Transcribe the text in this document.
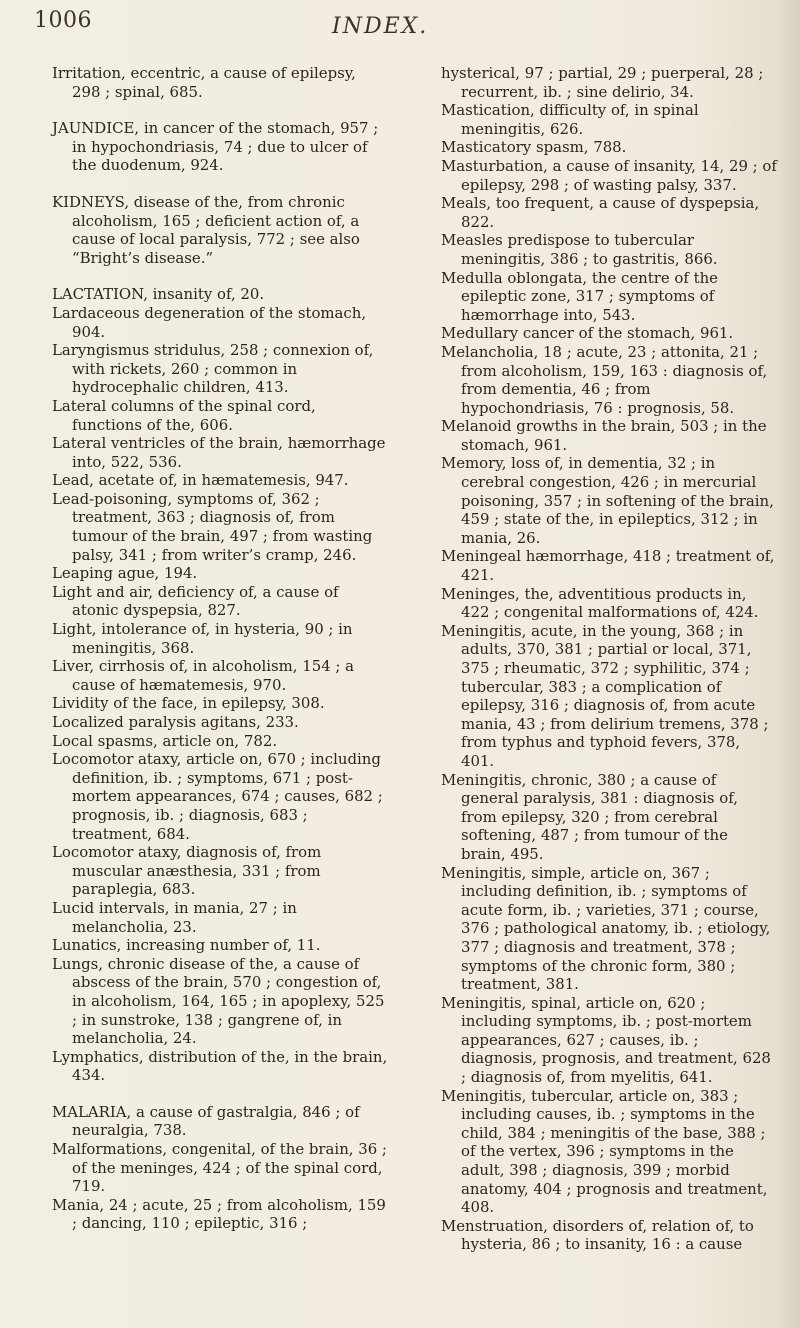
1006	INDEX.

Irritation, eccentric, a cause of epilepsy, 298 ; spinal, 685.

JAUNDICE, in cancer of the stomach, 957 ; in hypochondriasis, 74 ; due to ulcer of the duodenum, 924.

KIDNEYS, disease of the, from chronic alcoholism, 165 ; deficient action of, a cause of local paralysis, 772 ; see also “Bright’s disease.”

LACTATION, insanity of, 20.

Lardaceous degeneration of the stomach, 904.

Laryngismus stridulus, 258 ; connexion of, with rickets, 260 ; common in hydrocephalic children, 413.

Lateral columns of the spinal cord, functions of the, 606.

Lateral ventricles of the brain, hæmorrhage into, 522, 536.

Lead, acetate of, in hæmatemesis, 947.

Lead-poisoning, symptoms of, 362 ; treatment, 363 ; diagnosis of, from tumour of the brain, 497 ; from wasting palsy, 341 ; from writer’s cramp, 246.

Leaping ague, 194.

Light and air, deficiency of, a cause of atonic dyspepsia, 827.

Light, intolerance of, in hysteria, 90 ; in meningitis, 368.

Liver, cirrhosis of, in alcoholism, 154 ; a cause of hæmatemesis, 970.

Lividity of the face, in epilepsy, 308.

Localized paralysis agitans, 233.

Local spasms, article on, 782.

Locomotor ataxy, article on, 670 ; including definition, ib. ; symptoms, 671 ; post-mortem appearances, 674 ; causes, 682 ; prognosis, ib. ; diagnosis, 683 ; treatment, 684.

Locomotor ataxy, diagnosis of, from muscular anæsthesia, 331 ; from paraplegia, 683.

Lucid intervals, in mania, 27 ; in melancholia, 23.

Lunatics, increasing number of, 11.

Lungs, chronic disease of the, a cause of abscess of the brain, 570 ; congestion of, in alcoholism, 164, 165 ; in apoplexy, 525 ; in sunstroke, 138 ; gangrene of, in melancholia, 24.

Lymphatics, distribution of the, in the brain, 434.

MALARIA, a cause of gastralgia, 846 ; of neuralgia, 738.

Malformations, congenital, of the brain, 36 ; of the meninges, 424 ; of the spinal cord, 719.

Mania, 24 ; acute, 25 ; from alcoholism, 159 ; dancing, 110 ; epileptic, 316 ;

hysterical, 97 ; partial, 29 ; puerperal, 28 ; recurrent, ib. ; sine delirio, 34.

Mastication, difficulty of, in spinal meningitis, 626.

Masticatory spasm, 788.

Masturbation, a cause of insanity, 14, 29 ; of epilepsy, 298 ; of wasting palsy, 337.

Meals, too frequent, a cause of dyspepsia, 822.

Measles predispose to tubercular meningitis, 386 ; to gastritis, 866.

Medulla oblongata, the centre of the epileptic zone, 317 ; symptoms of hæmorrhage into, 543.

Medullary cancer of the stomach, 961.

Melancholia, 18 ; acute, 23 ; attonita, 21 ; from alcoholism, 159, 163 : diagnosis of, from dementia, 46 ; from hypochondriasis, 76 : prognosis, 58.

Melanoid growths in the brain, 503 ; in the stomach, 961.

Memory, loss of, in dementia, 32 ; in cerebral congestion, 426 ; in mercurial poisoning, 357 ; in softening of the brain, 459 ; state of the, in epileptics, 312 ; in mania, 26.

Meningeal hæmorrhage, 418 ; treatment of, 421.

Meninges, the, adventitious products in, 422 ; congenital malformations of, 424.

Meningitis, acute, in the young, 368 ; in adults, 370, 381 ; partial or local, 371, 375 ; rheumatic, 372 ; syphilitic, 374 ; tubercular, 383 ; a complication of epilepsy, 316 ; diagnosis of, from acute mania, 43 ; from delirium tremens, 378 ; from typhus and typhoid fevers, 378, 401.

Meningitis, chronic, 380 ; a cause of general paralysis, 381 : diagnosis of, from epilepsy, 320 ; from cerebral softening, 487 ; from tumour of the brain, 495.

Meningitis, simple, article on, 367 ; including definition, ib. ; symptoms of acute form, ib. ; varieties, 371 ; course, 376 ; pathological anatomy, ib. ; etiology, 377 ; diagnosis and treatment, 378 ; symptoms of the chronic form, 380 ; treatment, 381.

Meningitis, spinal, article on, 620 ; including symptoms, ib. ; post-mortem appearances, 627 ; causes, ib. ; diagnosis, prognosis, and treatment, 628 ; diagnosis of, from myelitis, 641.

Meningitis, tubercular, article on, 383 ; including causes, ib. ; symptoms in the child, 384 ; meningitis of the base, 388 ; of the vertex, 396 ; symptoms in the adult, 398 ; diagnosis, 399 ; morbid anatomy, 404 ; prognosis and treatment, 408.

Menstruation, disorders of, relation of, to hysteria, 86 ; to insanity, 16 : a cause
